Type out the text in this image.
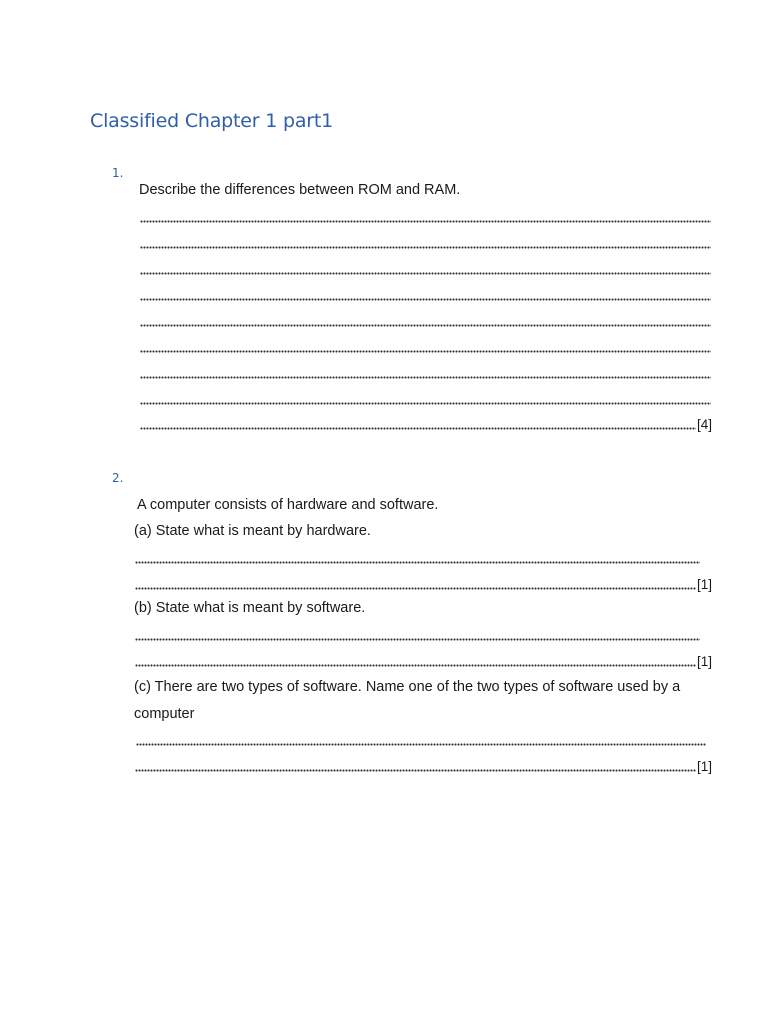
Classified Chapter 1 part1
1.
Describe the differences between ROM and RAM.
[4]
2.
A computer consists of hardware and software.
(a) State what is meant by hardware.
[1]
(b) State what is meant by software.
[1]
(c) There are two types of software. Name one of the two types of software used by a
computer
[1]
